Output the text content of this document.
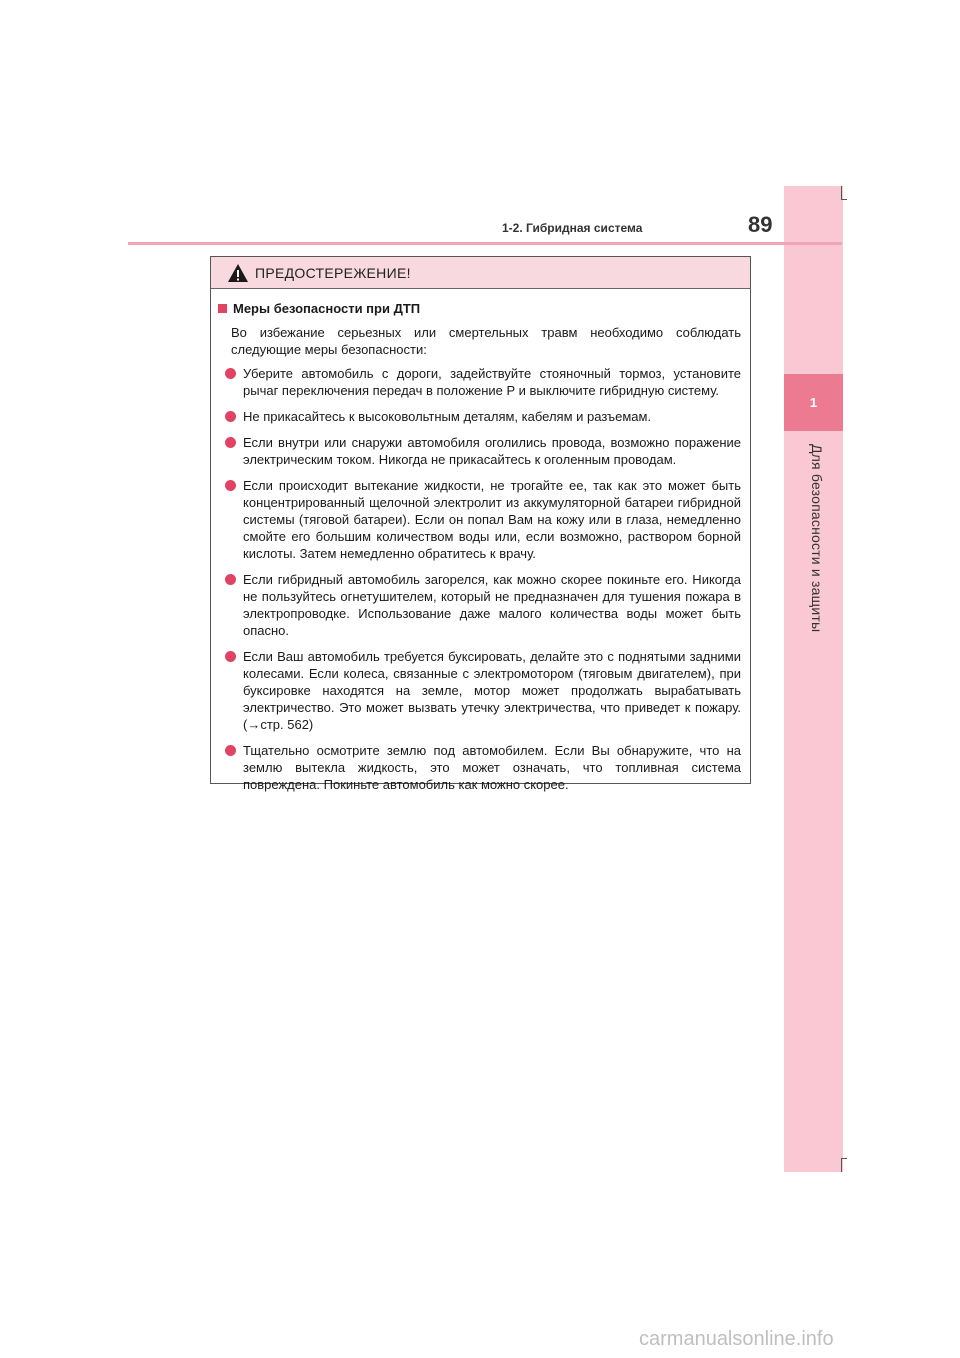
1
Для безопасности и защиты
1-2. Гибридная система	89
ПРЕДОСТЕРЕЖЕНИЕ!
Меры безопасности при ДТП
Во избежание серьезных или смертельных травм необходимо соблюдать следующие меры безопасности:
Уберите автомобиль с дороги, задействуйте стояночный тормоз, установите рычаг переключения передач в положение P и выключите гибридную систему.
Не прикасайтесь к высоковольтным деталям, кабелям и разъемам.
Если внутри или снаружи автомобиля оголились провода, возможно поражение электрическим током. Никогда не прикасайтесь к оголенным проводам.
Если происходит вытекание жидкости, не трогайте ее, так как это может быть концентрированный щелочной электролит из аккумуляторной батареи гибридной системы (тяговой батареи). Если он попал Вам на кожу или в глаза, немедленно смойте его большим количеством воды или, если возможно, раствором борной кислоты. Затем немедленно обратитесь к врачу.
Если гибридный автомобиль загорелся, как можно скорее покиньте его. Никогда не пользуйтесь огнетушителем, который не предназначен для тушения пожара в электропроводке. Использование даже малого количества воды может быть опасно.
Если Ваш автомобиль требуется буксировать, делайте это с поднятыми задними колесами. Если колеса, связанные с электромотором (тяговым двигателем), при буксировке находятся на земле, мотор может продолжать вырабатывать электричество. Это может вызвать утечку электричества, что приведет к пожару. (→стр. 562)
Тщательно осмотрите землю под автомобилем. Если Вы обнаружите, что на землю вытекла жидкость, это может означать, что топливная система повреждена. Покиньте автомобиль как можно скорее.
carmanualsonline.info
